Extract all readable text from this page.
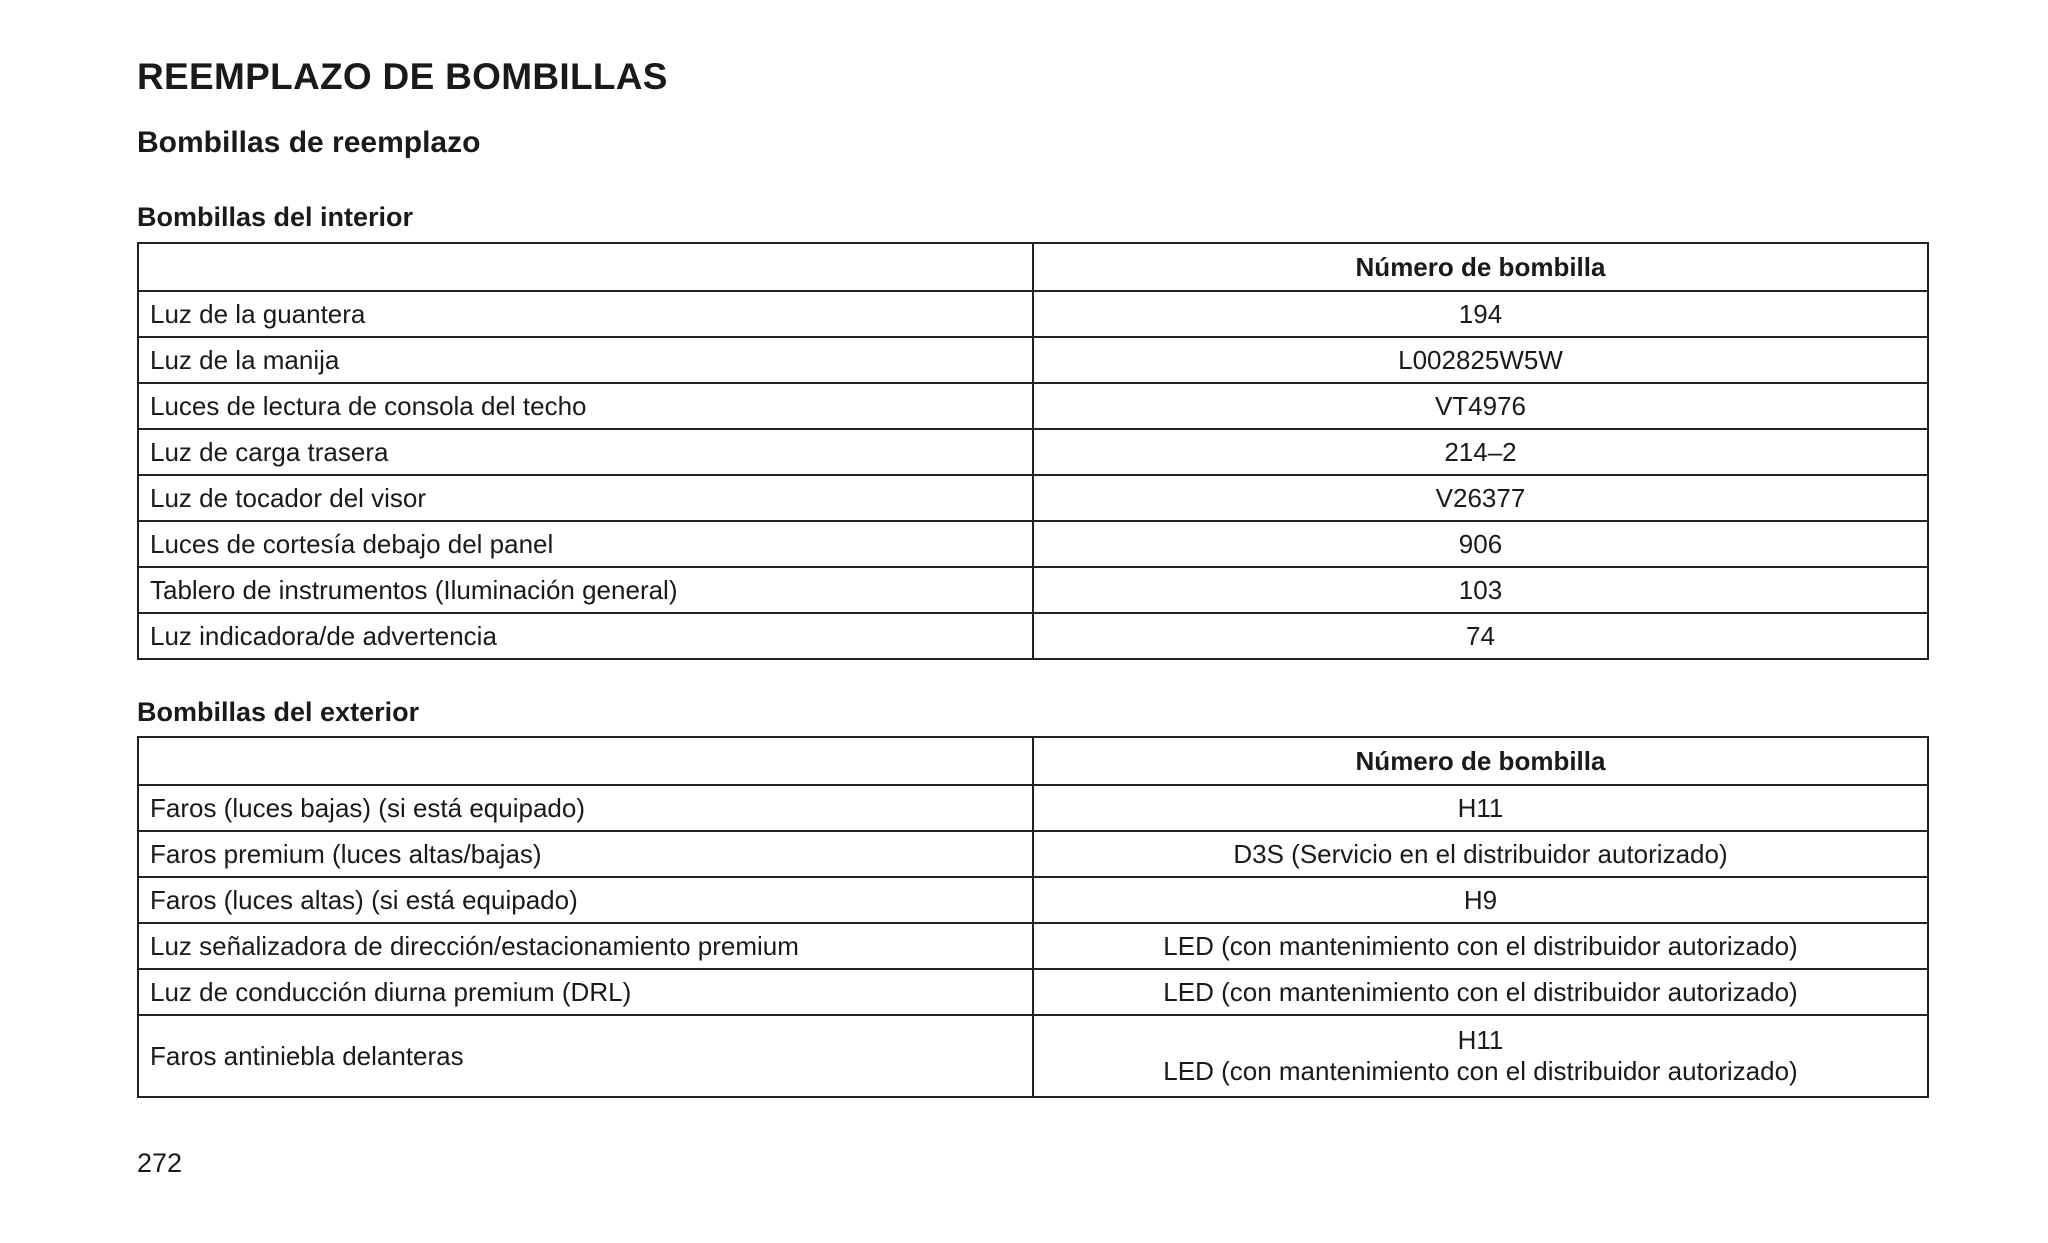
REEMPLAZO DE BOMBILLAS
Bombillas de reemplazo
Bombillas del interior
	Número de bombilla
Luz de la guantera	194
Luz de la manija	L002825W5W
Luces de lectura de consola del techo	VT4976
Luz de carga trasera	214–2
Luz de tocador del visor	V26377
Luces de cortesía debajo del panel	906
Tablero de instrumentos (Iluminación general)	103
Luz indicadora/de advertencia	74
Bombillas del exterior
	Número de bombilla
Faros (luces bajas) (si está equipado)	H11
Faros premium (luces altas/bajas)	D3S (Servicio en el distribuidor autorizado)
Faros (luces altas) (si está equipado)	H9
Luz señalizadora de dirección/estacionamiento premium	LED (con mantenimiento con el distribuidor autorizado)
Luz de conducción diurna premium (DRL)	LED (con mantenimiento con el distribuidor autorizado)
Faros antiniebla delanteras	H11
LED (con mantenimiento con el distribuidor autorizado)
272
